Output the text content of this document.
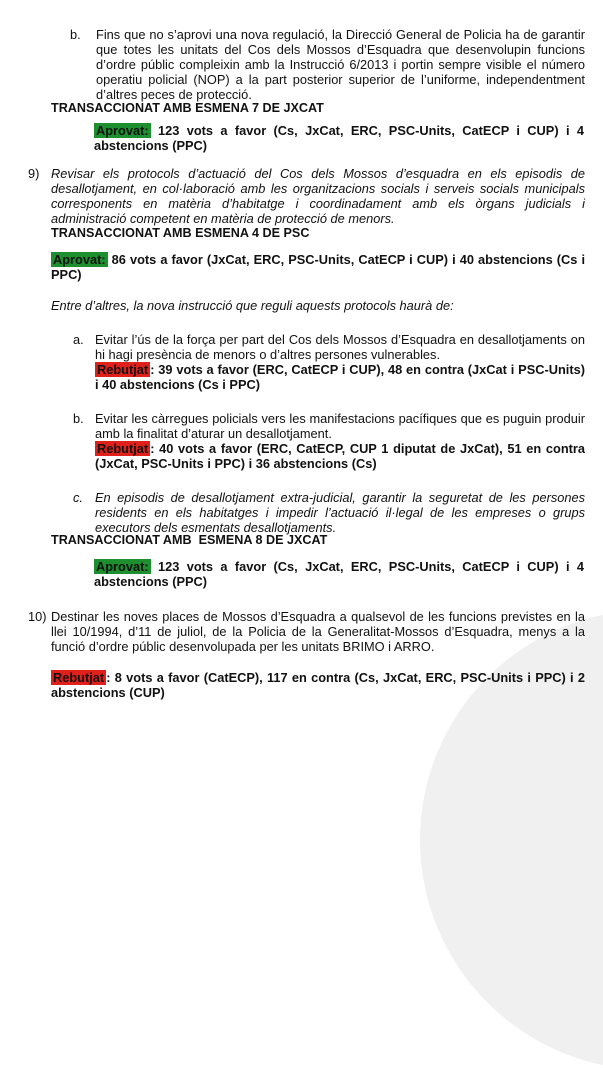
b. Fins que no s’aprovi una nova regulació, la Direcció General de Policia ha de garantir que totes les unitats del Cos dels Mossos d’Esquadra que desenvolupin funcions d’ordre públic compleixin amb la Instrucció 6/2013 i portin sempre visible el número operatiu policial (NOP) a la part posterior superior de l’uniforme, independentment d’altres peces de protecció.
TRANSACCIONAT AMB ESMENA 7 DE JXCAT
Aprovat: 123 vots a favor (Cs, JxCat, ERC, PSC-Units, CatECP i CUP) i 4 abstencions (PPC)
9) Revisar els protocols d’actuació del Cos dels Mossos d’esquadra en els episodis de desallotjament, en col·laboració amb les organitzacions socials i serveis socials municipals corresponents en matèria d’habitatge i coordinadament amb els òrgans judicials i administració competent en matèria de protecció de menors.
TRANSACCIONAT AMB ESMENA 4 DE PSC
Aprovat: 86 vots a favor (JxCat, ERC, PSC-Units, CatECP i CUP) i 40 abstencions (Cs i PPC)
Entre d’altres, la nova instrucció que reguli aquests protocols haurà de:
a. Evitar l’ús de la força per part del Cos dels Mossos d’Esquadra en desallotjaments on hi hagi presència de menors o d’altres persones vulnerables.
Rebutjat : 39 vots a favor (ERC, CatECP i CUP), 48 en contra (JxCat i PSC-Units) i 40 abstencions (Cs i PPC)
b. Evitar les càrregues policials vers les manifestacions pacífiques que es puguin produir amb la finalitat d’aturar un desallotjament.
Rebutjat : 40 vots a favor (ERC, CatECP, CUP 1 diputat de JxCat), 51 en contra (JxCat, PSC-Units i PPC) i 36 abstencions (Cs)
c. En episodis de desallotjament extra-judicial, garantir la seguretat de les persones residents en els habitatges i impedir l’actuació il·legal de les empreses o grups executors dels esmentats desallotjaments.
TRANSACCIONAT AMB  ESMENA 8 DE JXCAT
Aprovat: 123 vots a favor (Cs, JxCat, ERC, PSC-Units, CatECP i CUP) i 4 abstencions (PPC)
10) Destinar les noves places de Mossos d’Esquadra a qualsevol de les funcions previstes en la llei 10/1994, d’11 de juliol, de la Policia de la Generalitat-Mossos d’Esquadra, menys a la funció d’ordre públic desenvolupada per les unitats BRIMO i ARRO.
Rebutjat : 8 vots a favor (CatECP), 117 en contra (Cs, JxCat, ERC, PSC-Units i PPC) i 2 abstencions (CUP)
